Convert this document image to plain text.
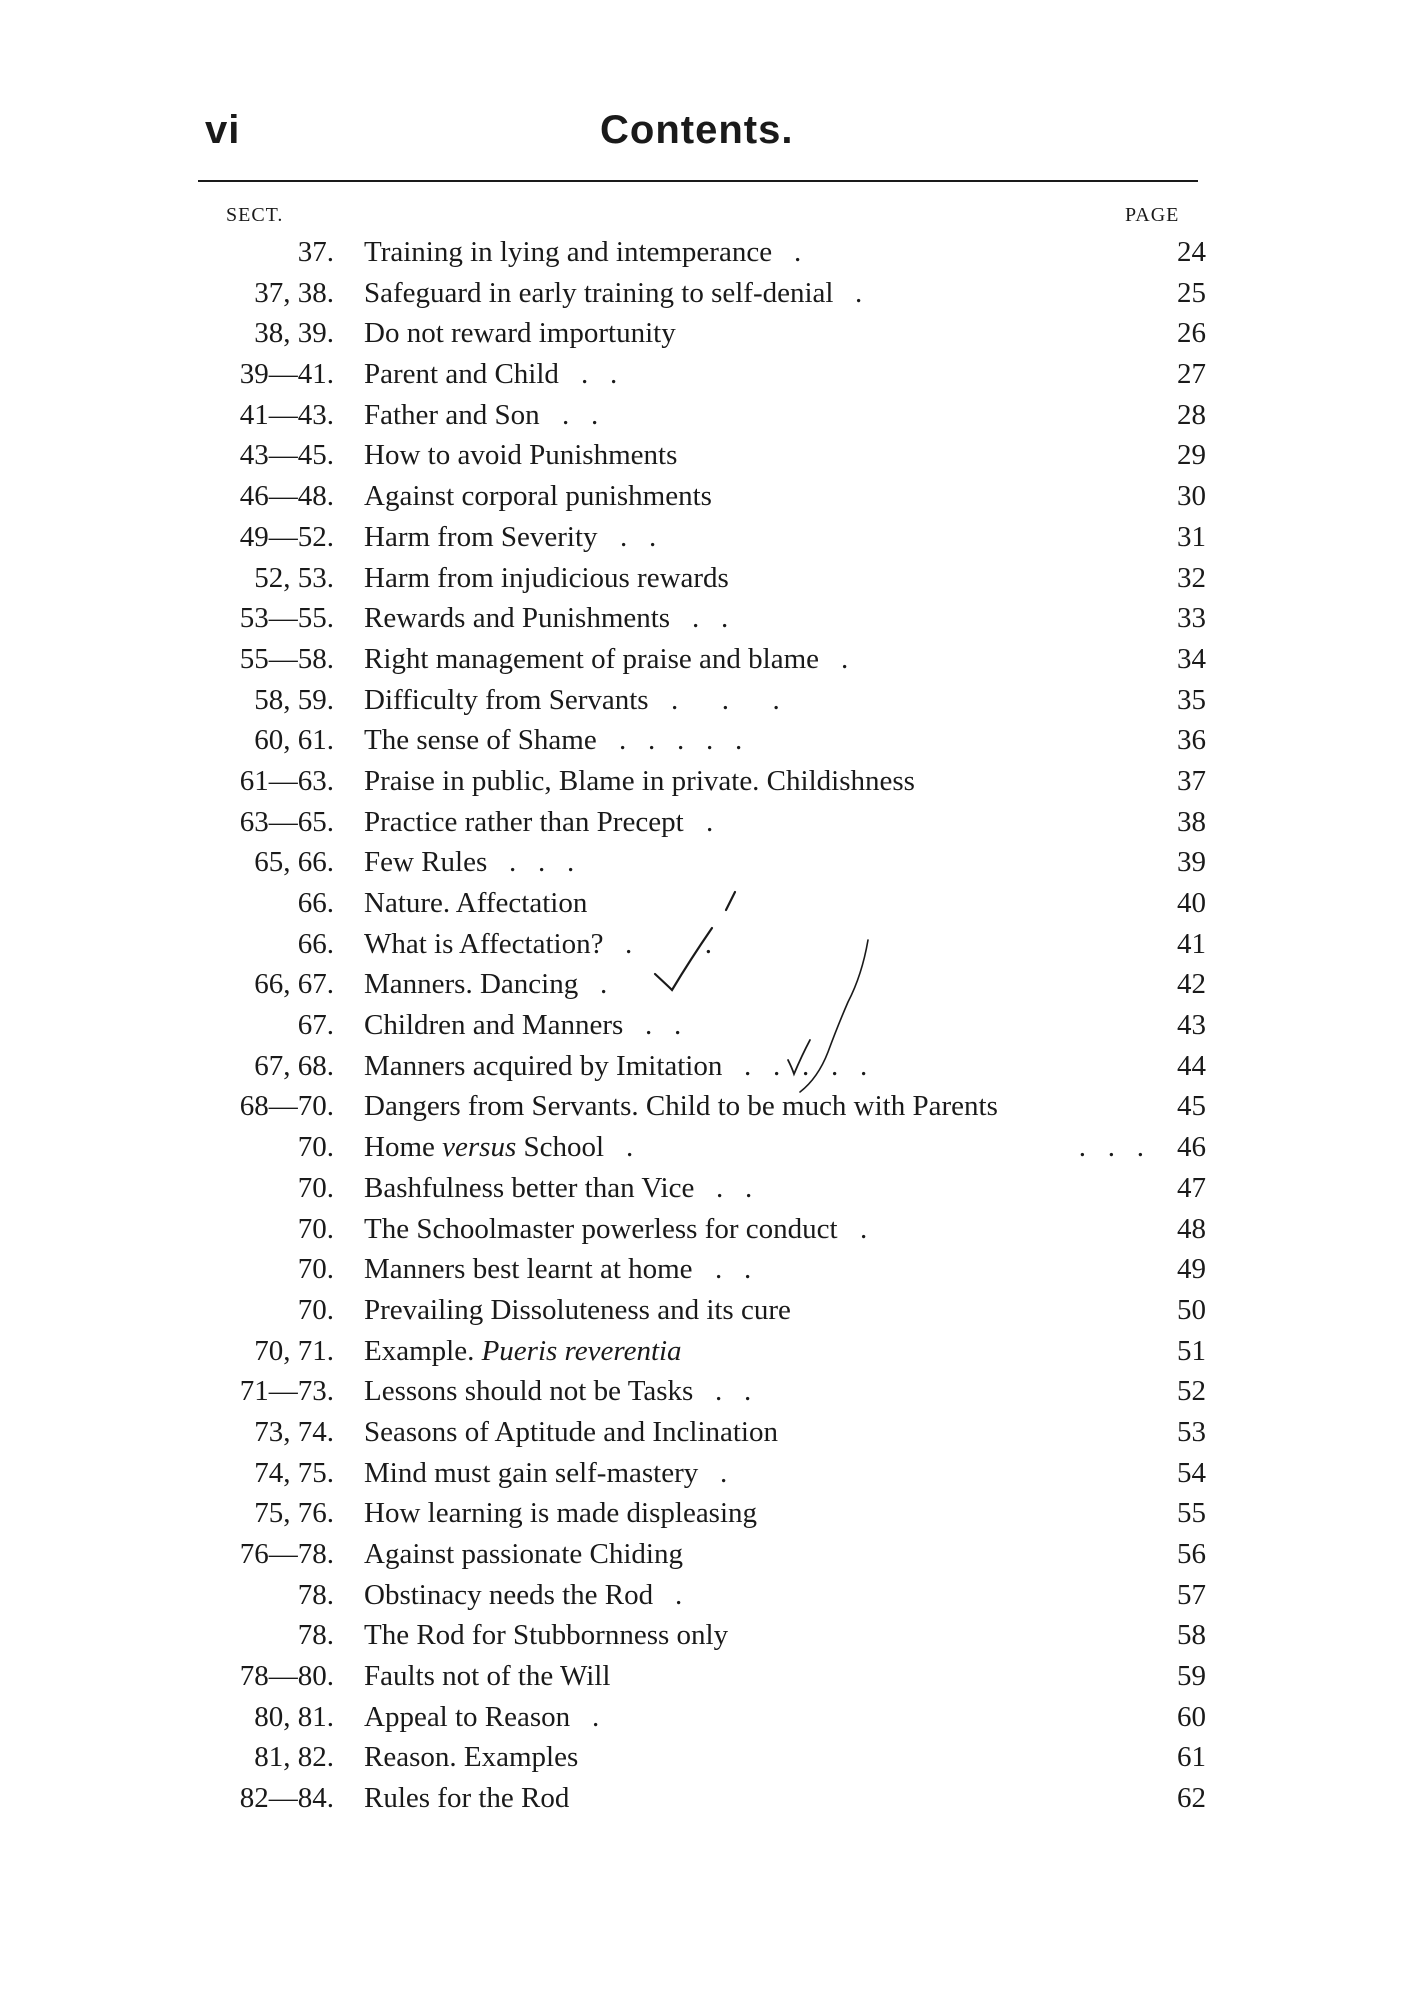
vi	Contents.
SECT.	PAGE
37. Training in lying and intemperance .	24
37, 38. Safeguard in early training to self-denial .	25
38, 39. Do not reward importunity	26
39—41. Parent and Child .   .	27
41—43. Father and Son .   .	28
43—45. How to avoid Punishments	29
46—48. Against corporal punishments	30
49—52. Harm from Severity .   .	31
52, 53. Harm from injudicious rewards	32
53—55. Rewards and Punishments .   .	33
55—58. Right management of praise and blame .	34
58, 59. Difficulty from Servants .      .      .	35
60, 61. The sense of Shame .   .   .   .   .	36
61—63. Praise in public, Blame in private. Childishness	37
63—65. Practice rather than Precept .	38
65, 66. Few Rules .   .   .	39
66. Nature. Affectation	40
66. What is Affectation? .          .	41
66, 67. Manners. Dancing .	42
67. Children and Manners .   .	43
67, 68. Manners acquired by Imitation .   .   .   .   .	44
68—70. Dangers from Servants. Child to be much with Parents	45
70. Home versus School .	.   .   . 46
70. Bashfulness better than Vice .   .	47
70. The Schoolmaster powerless for conduct .	48
70. Manners best learnt at home .   .	49
70. Prevailing Dissoluteness and its cure	50
70, 71. Example. Pueris reverentia	51
71—73. Lessons should not be Tasks .   .	52
73, 74. Seasons of Aptitude and Inclination	53
74, 75. Mind must gain self-mastery .	54
75, 76. How learning is made displeasing	55
76—78. Against passionate Chiding	56
78. Obstinacy needs the Rod .	57
78. The Rod for Stubbornness only	58
78—80. Faults not of the Will	59
80, 81. Appeal to Reason .	60
81, 82. Reason. Examples	61
82—84. Rules for the Rod	62
